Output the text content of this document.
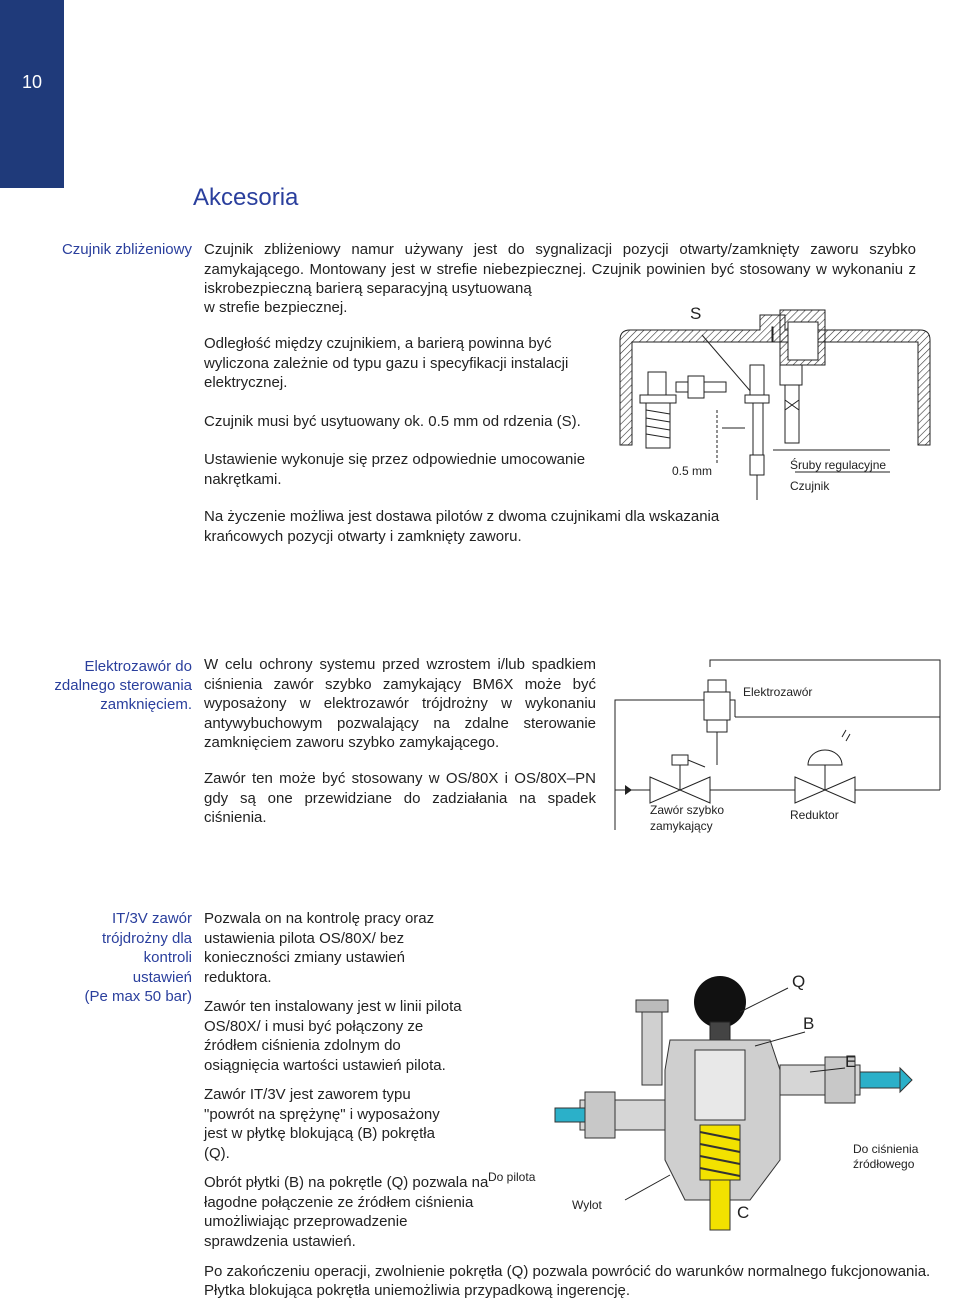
10
Akcesoria
Czujnik zbliżeniowy Czujnik zbliżeniowy namur używany jest do sygnalizacji pozycji otwarty/zamknięty zaworu szybko zamykającego. Montowany jest w strefie niebezpiecznej. Czujnik powinien być stosowany w wykonaniu z iskrobezpieczną barierą separacyjną usytuowaną
w strefie bezpiecznej.
Odległość między czujnikiem, a barierą powinna być wyliczona zależnie od typu gazu i specyfikacji instalacji elektrycznej.
Czujnik musi być usytuowany ok. 0.5 mm od rdzenia (S).
Ustawienie wykonuje się przez odpowiednie umocowanie nakrętkami.
Na życzenie możliwa jest dostawa pilotów z dwoma czujnikami dla wskazania krańcowych pozycji otwarty i zamknięty zaworu.
S
0.5 mm	Śruby regulacyjne
Czujnik
Elektrozawór do
zdalnego sterowania
zamknięciem.
W celu ochrony systemu przed wzrostem i/lub spadkiem ciśnienia zawór szybko zamykający BM6X może być wyposażony w elektrozawór trójdrożny w wykonaniu antywybuchowym pozwalający na zdalne sterowanie zamknięciem zaworu szybko zamykającego.
Zawór ten może być stosowany w OS/80X i OS/80X–PN gdy są one przewidziane do zadziałania na spadek ciśnienia.
Elektrozawór
Zawór szybko
zamykający
Reduktor
IT/3V zawór
trójdrożny dla
kontroli
ustawień
(Pe max 50 bar)
Pozwala on na kontrolę pracy oraz ustawienia pilota OS/80X/ bez konieczności zmiany ustawień reduktora.
Zawór ten instalowany jest w linii pilota OS/80X/ i musi być połączony ze źródłem ciśnienia zdolnym do osiągnięcia wartości ustawień pilota.
Zawór IT/3V jest zaworem typu "powrót na sprężynę" i wyposażony jest w płytkę blokującą (B) pokrętła (Q).
Obrót płytki (B) na pokrętle (Q) pozwala na łagodne połączenie ze źródłem ciśnienia umożliwiając przeprowadzenie sprawdzenia ustawień.
Po zakończeniu operacji, zwolnienie pokrętła (Q) pozwala powrócić do warunków normalnego fukcjonowania.
Płytka blokująca pokrętła uniemożliwia przypadkową ingerencję.
Q
B
E
C
Do pilota
Wylot
Do ciśnienia
źródłowego
